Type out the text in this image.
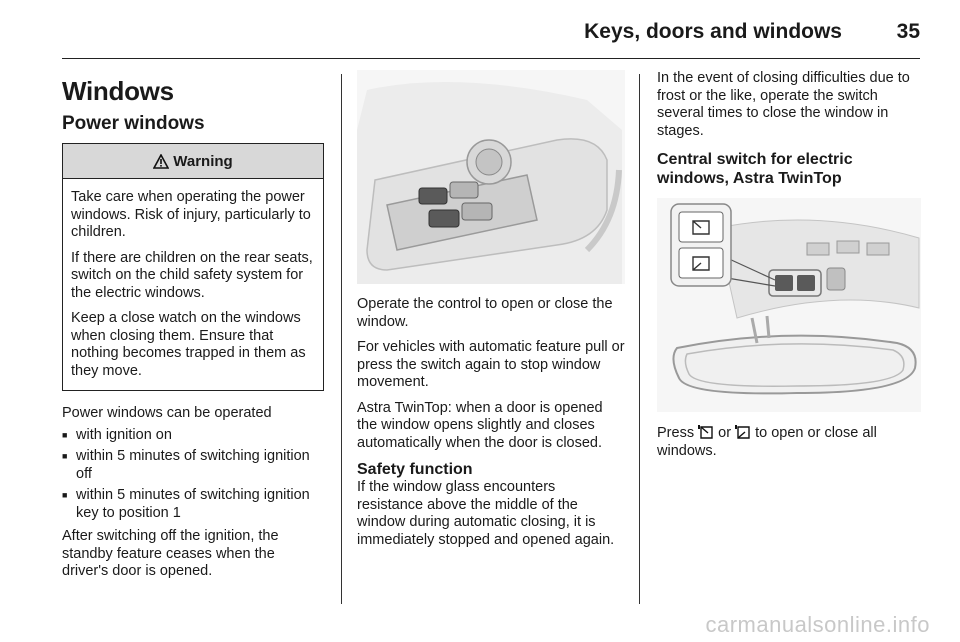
Keys, doors and windows	35
Windows
Power windows
Warning

Take care when operating the power windows. Risk of injury, particularly to children.

If there are children on the rear seats, switch on the child safety system for the electric windows.

Keep a close watch on the windows when closing them. Ensure that nothing becomes trapped in them as they move.

Power windows can be operated

■ with ignition on
■ within 5 minutes of switching ignition off
■ within 5 minutes of switching ignition key to position 1

After switching off the ignition, the standby feature ceases when the driver's door is opened.

Operate the control to open or close the window.

For vehicles with automatic feature pull or press the switch again to stop window movement.

Astra TwinTop: when a door is opened the window opens slightly and closes automatically when the door is closed.

Safety function

If the window glass encounters resistance above the middle of the window during automatic closing, it is immediately stopped and opened again.

In the event of closing difficulties due to frost or the like, operate the switch several times to close the window in stages.

Central switch for electric windows, Astra TwinTop

Press or to open or close all windows.

carmanualsonline.info
